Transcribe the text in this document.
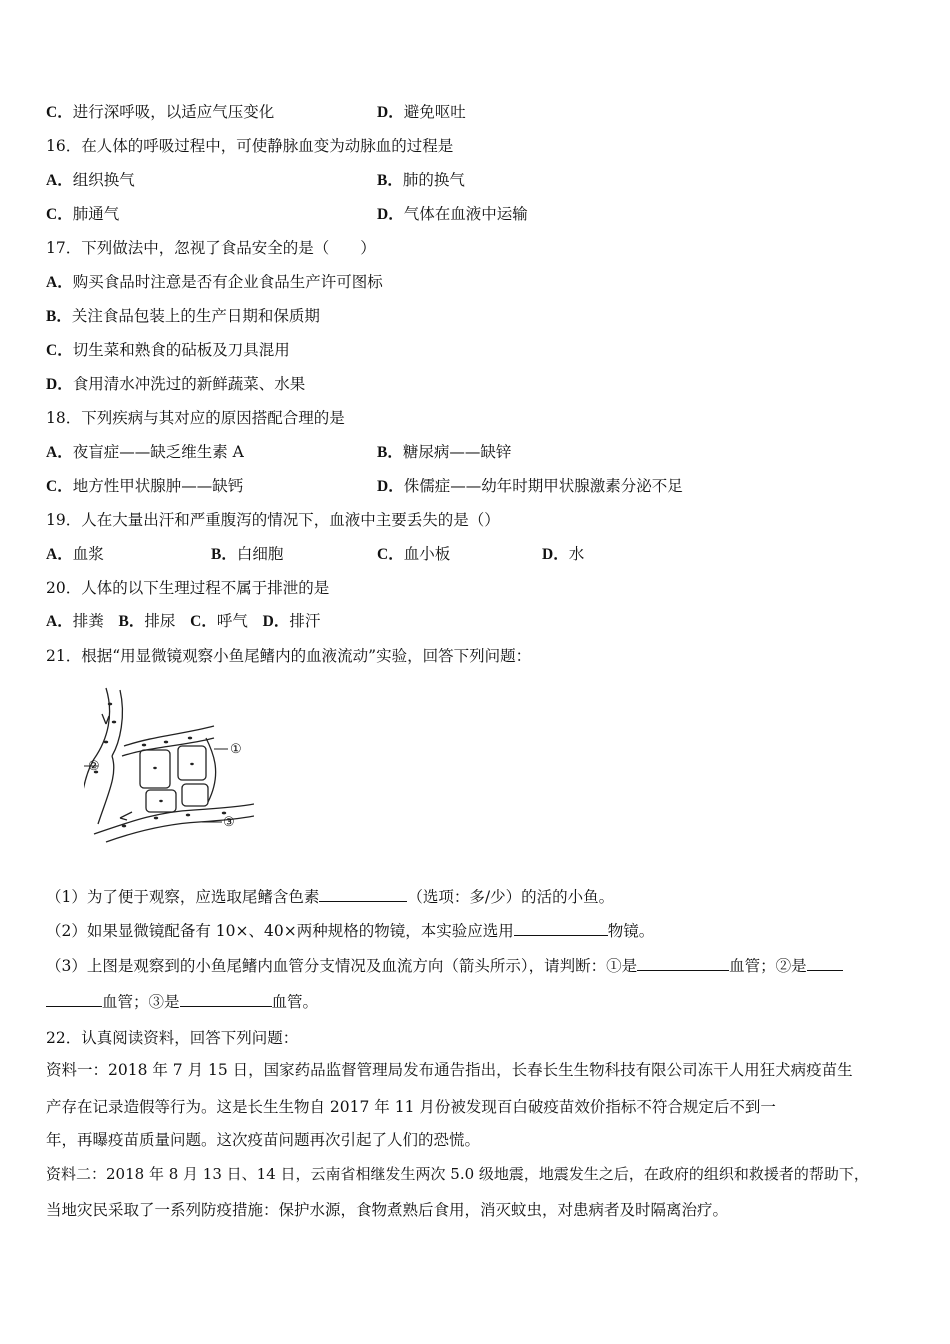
C．进行深呼吸，以适应气压变化	D．避免呕吐
16．在人体的呼吸过程中，可使静脉血变为动脉血的过程是
A．组织换气	B．肺的换气
C．肺通气	D．气体在血液中运输
17．下列做法中，忽视了食品安全的是（　　）
A．购买食品时注意是否有企业食品生产许可图标
B．关注食品包装上的生产日期和保质期
C．切生菜和熟食的砧板及刀具混用
D．食用清水冲洗过的新鲜蔬菜、水果
18．下列疾病与其对应的原因搭配合理的是
A．夜盲症——缺乏维生素 A	B．糖尿病——缺锌
C．地方性甲状腺肿——缺钙	D．侏儒症——幼年时期甲状腺激素分泌不足
19．人在大量出汗和严重腹泻的情况下，血液中主要丢失的是（）
A．血浆	B．白细胞	C．血小板	D．水
20．人体的以下生理过程不属于排泄的是
A．排粪 B．排尿 C．呼气 D．排汗
21．根据“用显微镜观察小鱼尾鳍内的血液流动”实验，回答下列问题：
①
②
③
（1）为了便于观察，应选取尾鳍含色素	（选项：多/少）的活的小鱼。
（2）如果显微镜配备有 10×、40×两种规格的物镜，本实验应选用	物镜。
（3）上图是观察到的小鱼尾鳍内血管分支情况及血流方向（箭头所示），请判断：①是	血管；②是
血管；③是	血管。
22．认真阅读资料，回答下列问题：
资料一：2018 年 7 月 15 日，国家药品监督管理局发布通告指出，长春长生生物科技有限公司冻干人用狂犬病疫苗生
产存在记录造假等行为。这是长生生物自 2017 年 11 月份被发现百白破疫苗效价指标不符合规定后不到一
年，再曝疫苗质量问题。这次疫苗问题再次引起了人们的恐慌。
资料二：2018 年 8 月 13 日、14 日，云南省相继发生两次 5.0 级地震，地震发生之后，在政府的组织和救援者的帮助下，
当地灾民采取了一系列防疫措施：保护水源，食物煮熟后食用，消灭蚊虫，对患病者及时隔离治疗。
